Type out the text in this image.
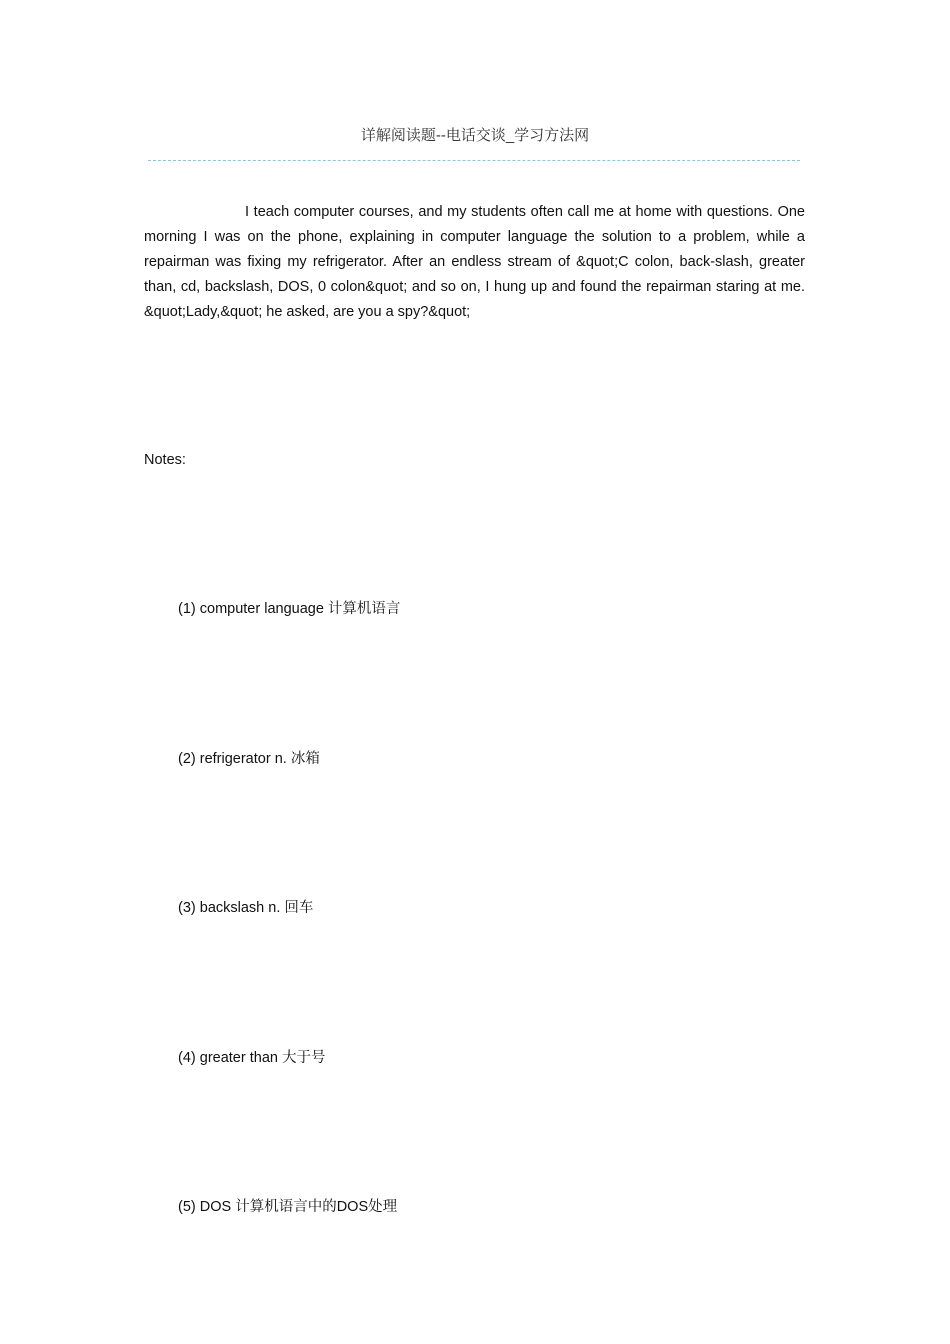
详解阅读题--电话交谈_学习方法网

I teach computer courses, and my students often call me at home with questions. One morning I was on the phone, explaining in computer language the solution to a problem, while a repairman was fixing my refrigerator. After an endless stream of &quot;C colon, back-slash, greater than, cd, backslash, DOS, 0 colon&quot; and so on, I hung up and found the repairman staring at me. &quot;Lady,&quot; he asked, are you a spy?&quot;

Notes:

(1) computer language 计算机语言

(2) refrigerator n. 冰箱

(3) backslash n. 回车

(4) greater than 大于号

(5) DOS 计算机语言中的DOS处理
